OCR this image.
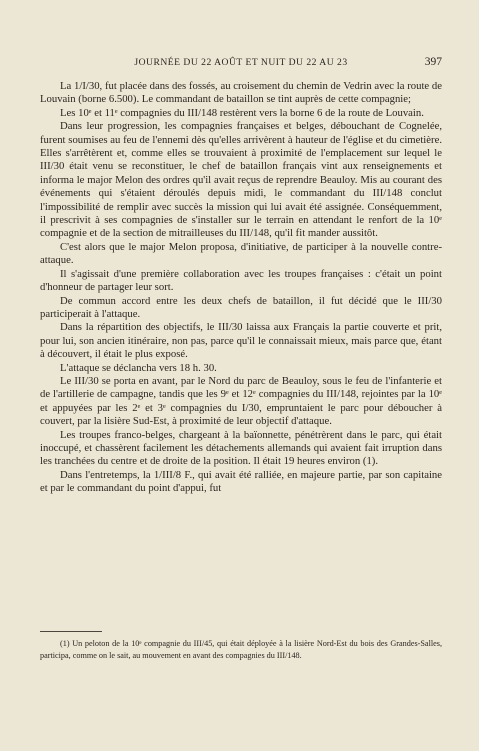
JOURNÉE DU 22 AOÛT ET NUIT DU 22 AU 23	397

La 1/I/30, fut placée dans des fossés, au croisement du chemin de Vedrin avec la route de Louvain (borne 6.500). Le commandant de bataillon se tint auprès de cette compagnie;

Les 10ᵉ et 11ᵉ compagnies du III/148 restèrent vers la borne 6 de la route de Louvain.

Dans leur progression, les compagnies françaises et belges, débouchant de Cognelée, furent soumises au feu de l'ennemi dès qu'elles arrivèrent à hauteur de l'église et du cimetière. Elles s'arrêtèrent et, comme elles se trouvaient à proximité de l'emplacement sur lequel le III/30 était venu se reconstituer, le chef de bataillon français vint aux renseignements et informa le major Melon des ordres qu'il avait reçus de reprendre Beauloy. Mis au courant des événements qui s'étaient déroulés depuis midi, le commandant du III/148 conclut l'impossibilité de remplir avec succès la mission qui lui avait été assignée. Conséquemment, il prescrivit à ses compagnies de s'installer sur le terrain en attendant le renfort de la 10ᵉ compagnie et de la section de mitrailleuses du III/148, qu'il fit mander aussitôt.

C'est alors que le major Melon proposa, d'initiative, de participer à la nouvelle contre-attaque.

Il s'agissait d'une première collaboration avec les troupes françaises : c'était un point d'honneur de partager leur sort.

De commun accord entre les deux chefs de bataillon, il fut décidé que le III/30 participerait à l'attaque.

Dans la répartition des objectifs, le III/30 laissa aux Français la partie couverte et prit, pour lui, son ancien itinéraire, non pas, parce qu'il le connaissait mieux, mais parce que, étant à découvert, il était le plus exposé.

L'attaque se déclancha vers 18 h. 30.

Le III/30 se porta en avant, par le Nord du parc de Beauloy, sous le feu de l'infanterie et de l'artillerie de campagne, tandis que les 9ᵉ et 12ᵉ compagnies du III/148, rejointes par la 10ᵉ et appuyées par les 2ᵉ et 3ᵉ compagnies du I/30, empruntaient le parc pour déboucher à couvert, par la lisière Sud-Est, à proximité de leur objectif d'attaque.

Les troupes franco-belges, chargeant à la baïonnette, pénétrèrent dans le parc, qui était inoccupé, et chassèrent facilement les détachements allemands qui avaient fait irruption dans les tranchées du centre et de droite de la position. Il était 19 heures environ (1).

Dans l'entretemps, la 1/III/8 F., qui avait été ralliée, en majeure partie, par son capitaine et par le commandant du point d'appui, fut

(1) Un peloton de la 10ᵉ compagnie du III/45, qui était déployée à la lisière Nord-Est du bois des Grandes-Salles, participa, comme on le sait, au mouvement en avant des compagnies du III/148.
